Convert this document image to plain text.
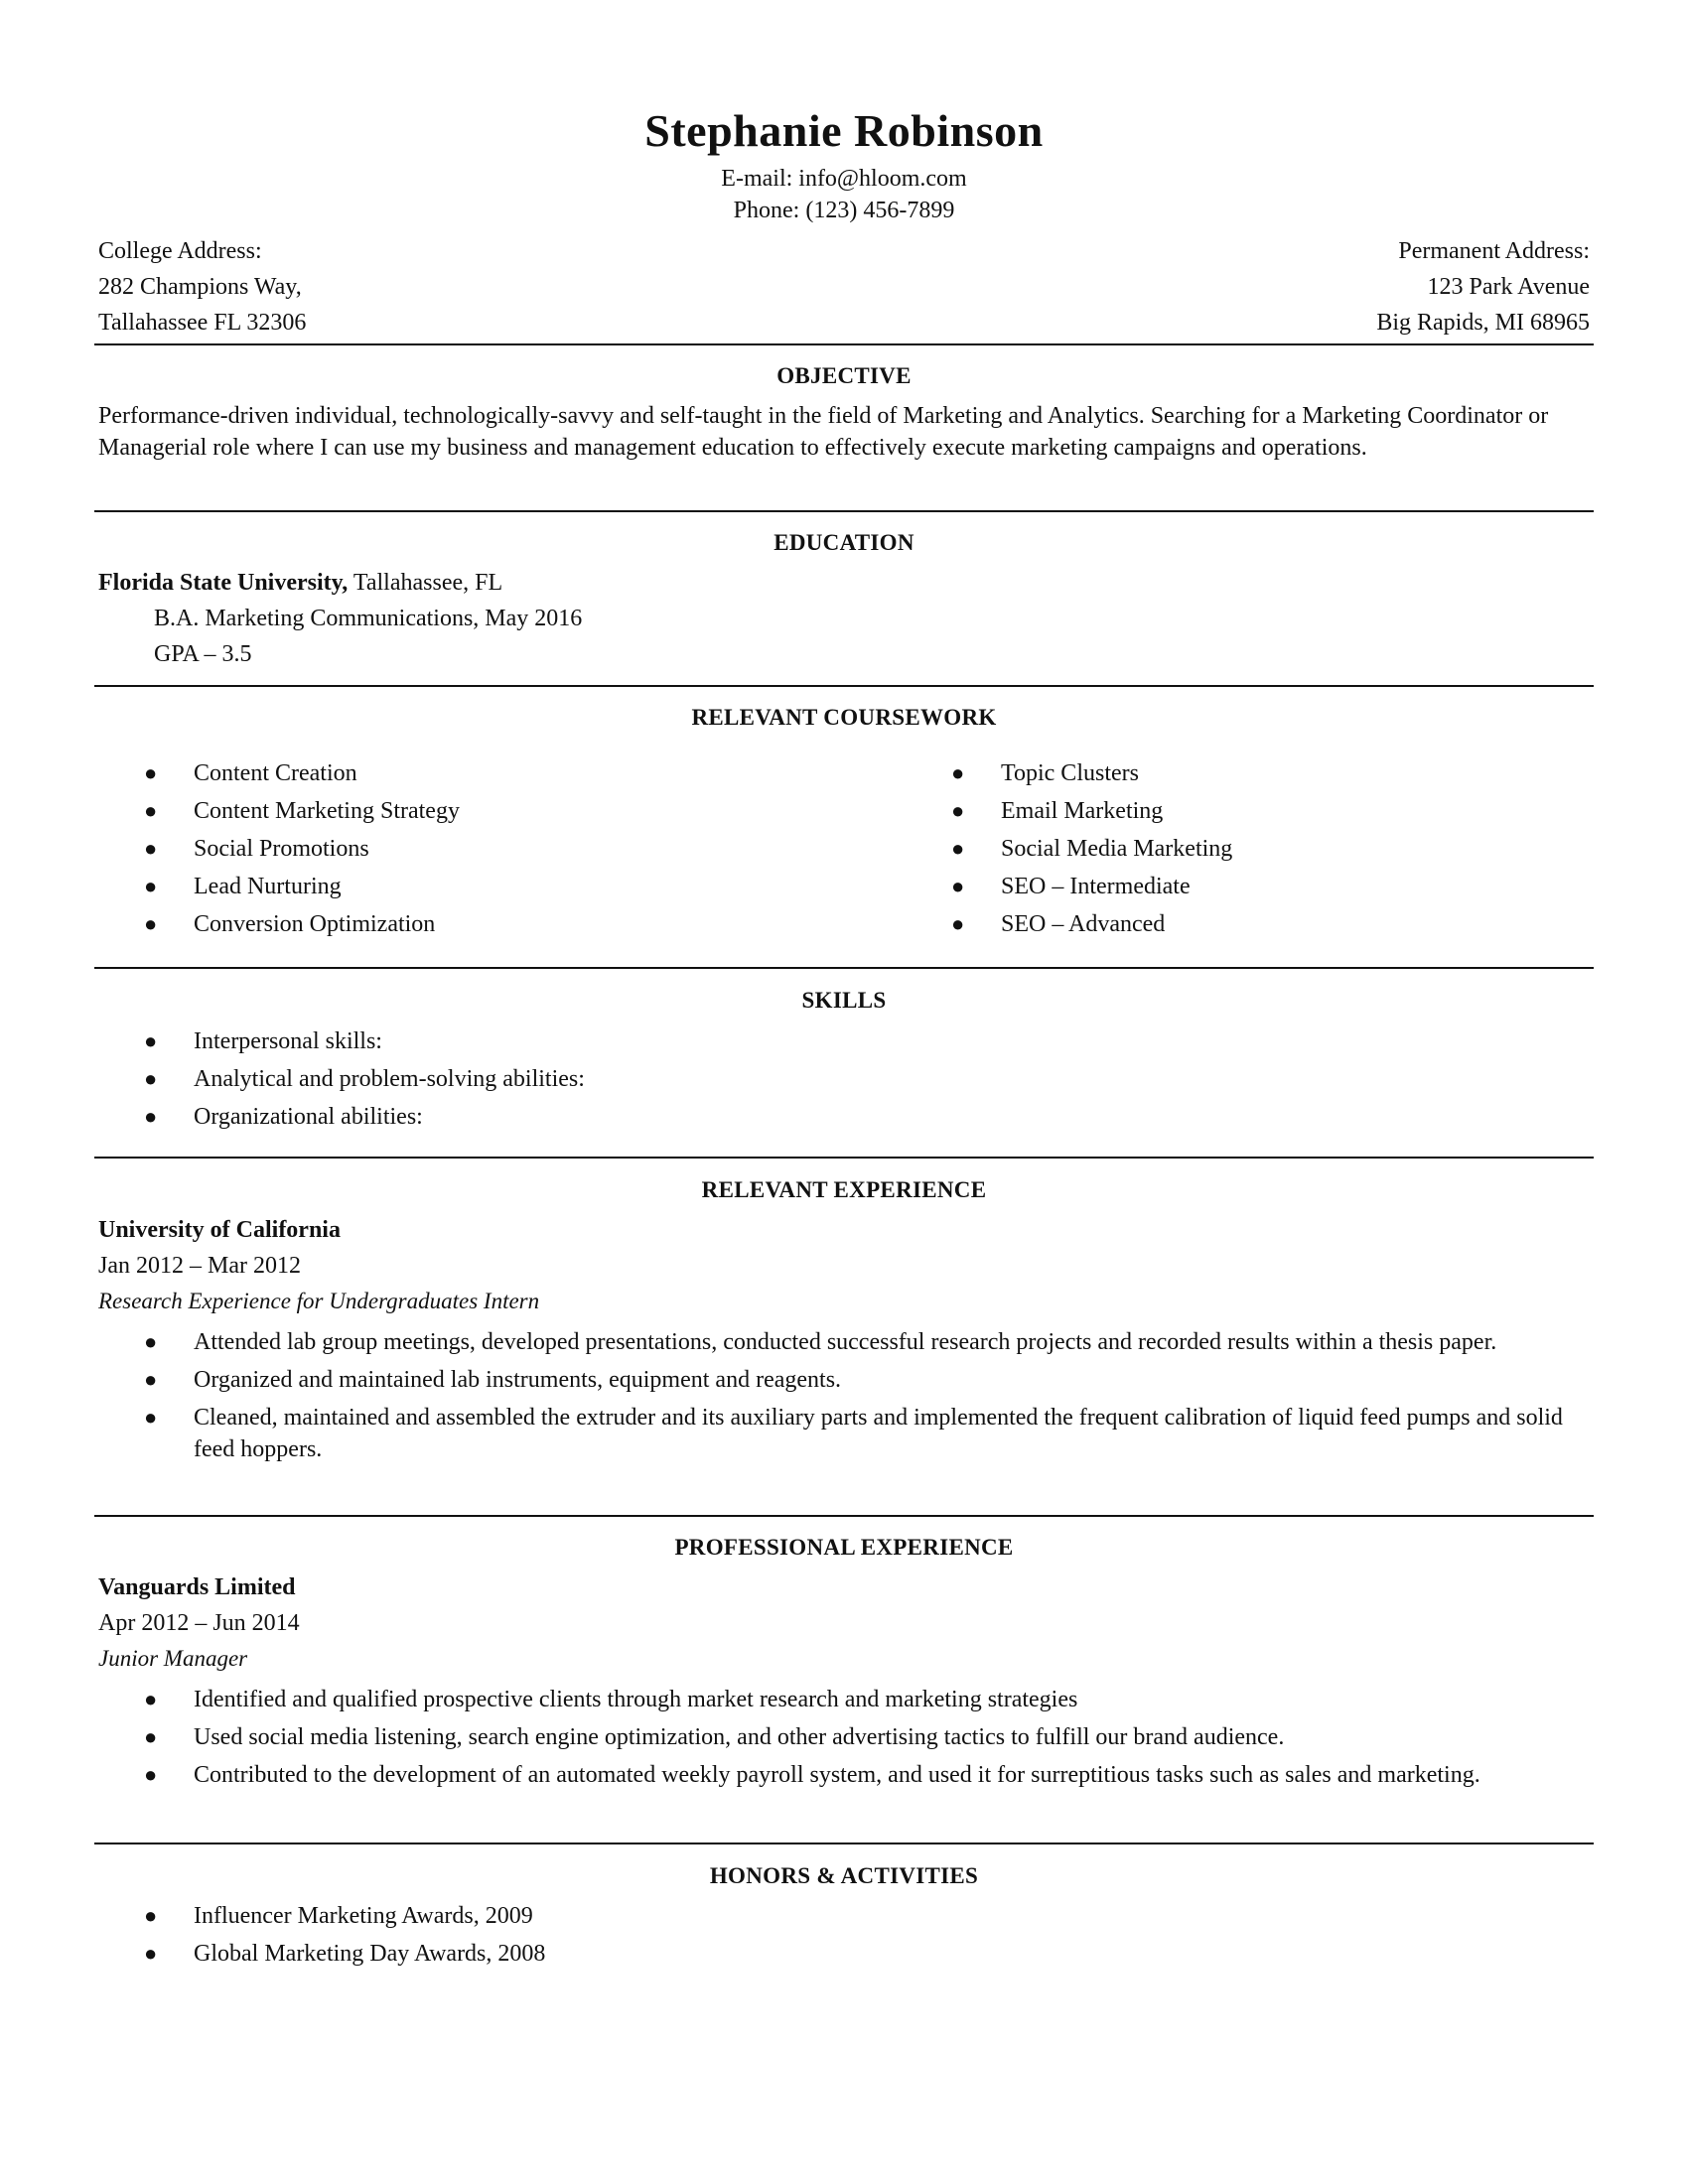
Stephanie Robinson
E-mail: info@hloom.com
Phone: (123) 456-7899
College Address:
282 Champions Way,
Tallahassee FL 32306
Permanent Address:
123 Park Avenue
Big Rapids, MI 68965
OBJECTIVE
Performance-driven individual, technologically-savvy and self-taught in the field of Marketing and Analytics. Searching for a Marketing Coordinator or Managerial role where I can use my business and management education to effectively execute marketing campaigns and operations.
EDUCATION
Florida State University, Tallahassee, FL
B.A. Marketing Communications, May 2016
GPA – 3.5
RELEVANT COURSEWORK
● Content Creation
● Content Marketing Strategy
● Social Promotions
● Lead Nurturing
● Conversion Optimization
● Topic Clusters
● Email Marketing
● Social Media Marketing
● SEO – Intermediate
● SEO – Advanced
SKILLS
● Interpersonal skills:
● Analytical and problem-solving abilities:
● Organizational abilities:
RELEVANT EXPERIENCE
University of California
Jan 2012 – Mar 2012
Research Experience for Undergraduates Intern
● Attended lab group meetings, developed presentations, conducted successful research projects and recorded results within a thesis paper.
● Organized and maintained lab instruments, equipment and reagents.
● Cleaned, maintained and assembled the extruder and its auxiliary parts and implemented the frequent calibration of liquid feed pumps and solid feed hoppers.
PROFESSIONAL EXPERIENCE
Vanguards Limited
Apr 2012 – Jun 2014
Junior Manager
● Identified and qualified prospective clients through market research and marketing strategies
● Used social media listening, search engine optimization, and other advertising tactics to fulfill our brand audience.
● Contributed to the development of an automated weekly payroll system, and used it for surreptitious tasks such as sales and marketing.
HONORS & ACTIVITIES
● Influencer Marketing Awards, 2009
● Global Marketing Day Awards, 2008
